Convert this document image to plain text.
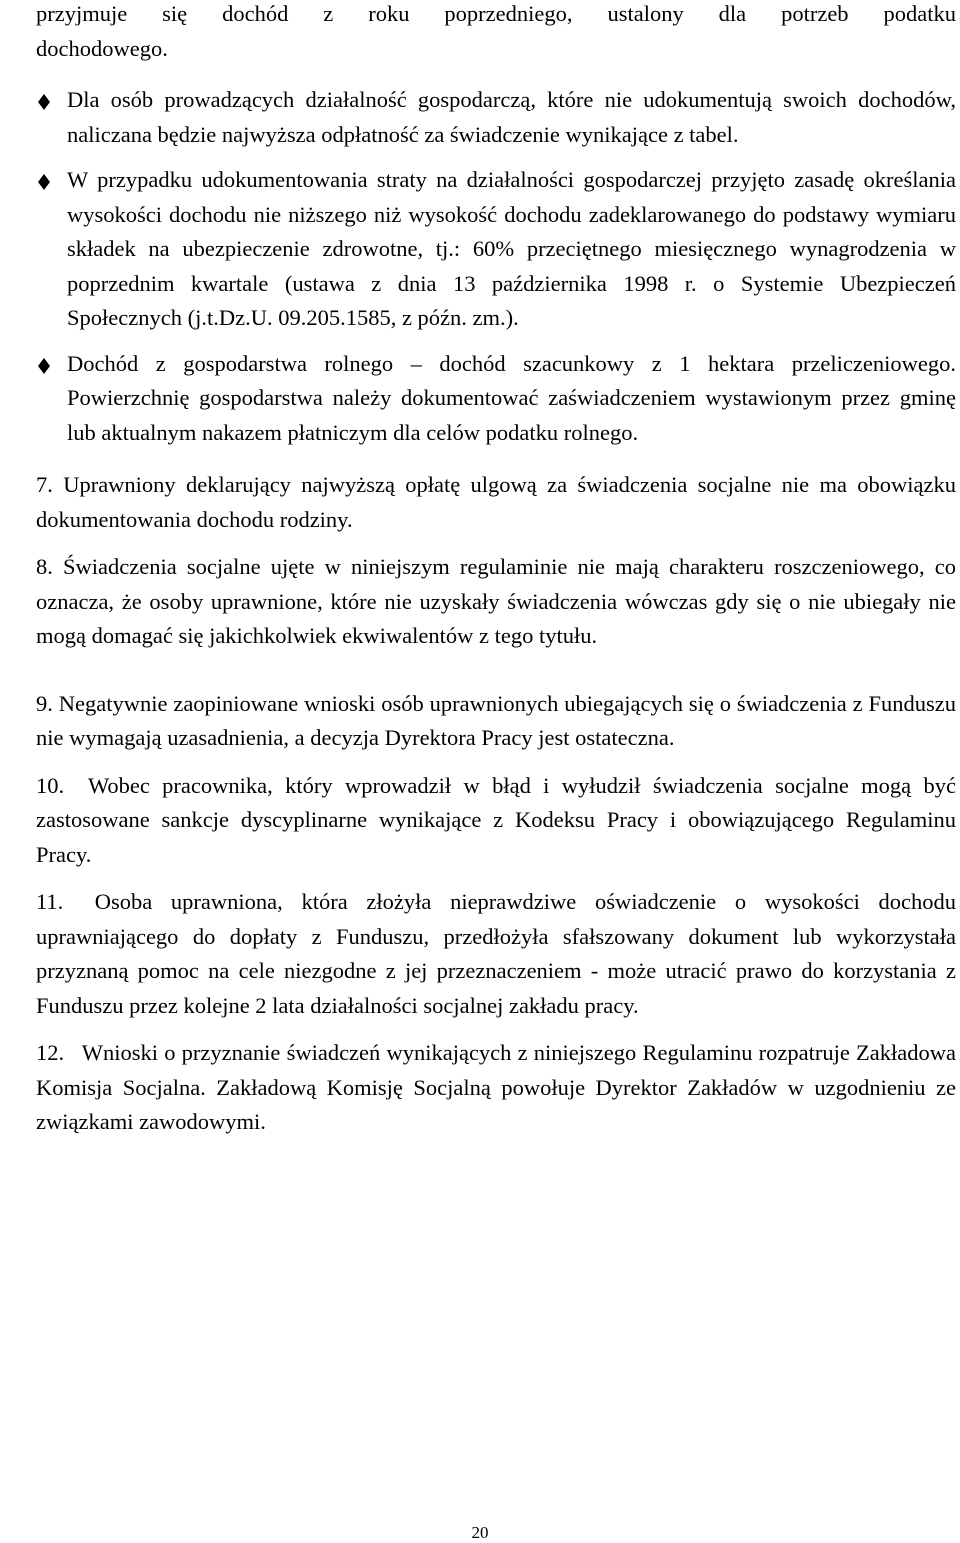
przyjmuje się dochód z roku poprzedniego, ustalony dla potrzeb podatku
dochodowego.
Dla osób prowadzących działalność gospodarczą, które nie udokumentują swoich dochodów, naliczana będzie najwyższa odpłatność za świadczenie wynikające z tabel.
W przypadku udokumentowania straty na działalności gospodarczej przyjęto zasadę określania wysokości dochodu nie niższego niż wysokość dochodu zadeklarowanego do podstawy wymiaru składek na ubezpieczenie zdrowotne, tj.: 60% przeciętnego miesięcznego wynagrodzenia w poprzednim kwartale (ustawa z dnia 13 października 1998 r. o Systemie Ubezpieczeń Społecznych (j.t.Dz.U. 09.205.1585, z późn. zm.).
Dochód z gospodarstwa rolnego – dochód szacunkowy z 1 hektara przeliczeniowego. Powierzchnię gospodarstwa należy dokumentować zaświadczeniem wystawionym przez gminę lub aktualnym nakazem płatniczym dla celów podatku rolnego.
7. Uprawniony deklarujący najwyższą opłatę ulgową za świadczenia socjalne nie ma obowiązku dokumentowania dochodu rodziny.
8. Świadczenia socjalne ujęte w niniejszym regulaminie nie mają charakteru roszczeniowego, co oznacza, że osoby uprawnione, które nie uzyskały świadczenia wówczas gdy się o nie ubiegały nie mogą domagać się jakichkolwiek ekwiwalentów z tego tytułu.
9. Negatywnie zaopiniowane wnioski osób uprawnionych ubiegających się o świadczenia z Funduszu nie wymagają uzasadnienia, a decyzja Dyrektora Pracy jest ostateczna.
10. Wobec pracownika, który wprowadził w błąd i wyłudził świadczenia socjalne mogą być zastosowane sankcje dyscyplinarne wynikające z Kodeksu Pracy i obowiązującego Regulaminu Pracy.
11. Osoba uprawniona, która złożyła nieprawdziwe oświadczenie o wysokości dochodu uprawniającego do dopłaty z Funduszu, przedłożyła sfałszowany dokument lub wykorzystała przyznaną pomoc na cele niezgodne z jej przeznaczeniem - może utracić prawo do korzystania z Funduszu przez kolejne 2 lata działalności socjalnej zakładu pracy.
12. Wnioski o przyznanie świadczeń wynikających z niniejszego Regulaminu rozpatruje Zakładowa Komisja Socjalna. Zakładową Komisję Socjalną powołuje Dyrektor Zakładów w uzgodnieniu ze związkami zawodowymi.
20
